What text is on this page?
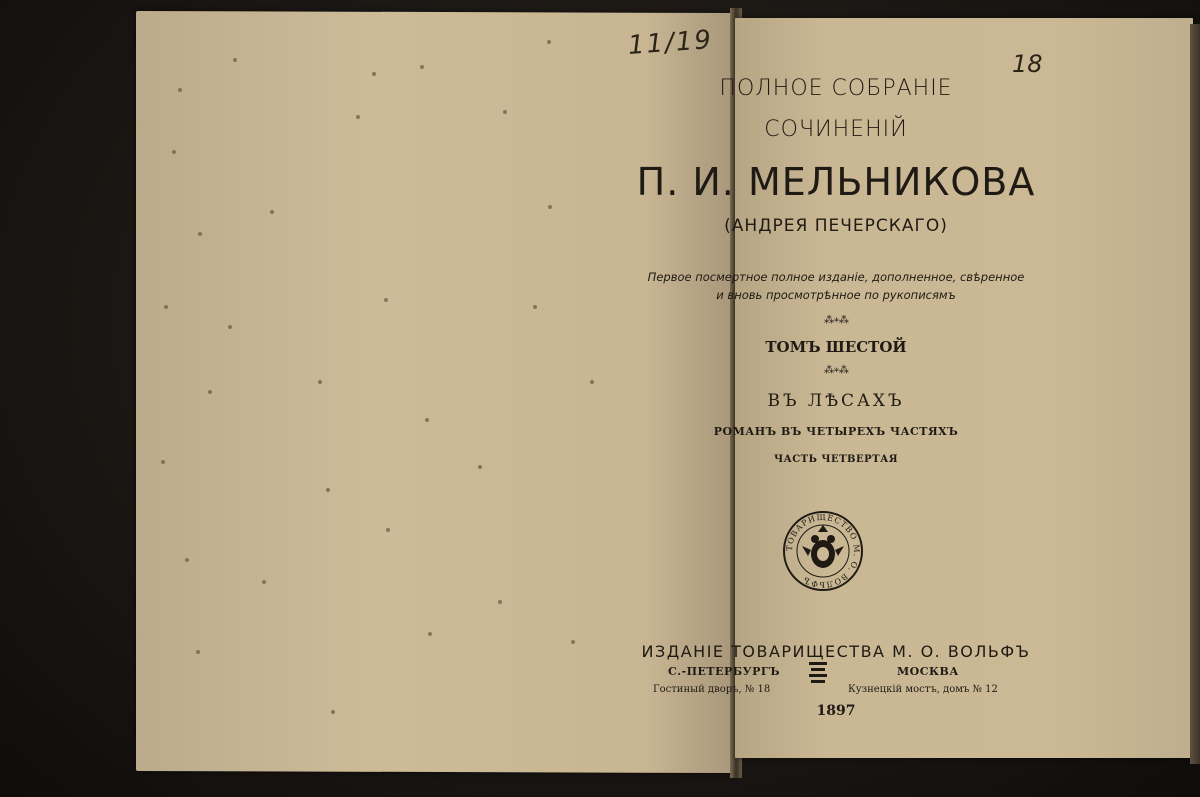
11/19
18
ПОЛНОЕ СОБРАНІЕ
СОЧИНЕНІЙ
П. И. МЕЛЬНИКОВА
(АНДРЕЯ ПЕЧЕРСКАГО)
Первое посмертное полное изданіе, дополненное, свѣренное
и вновь просмотрѣнное по рукописямъ
⁂∗⁂
ТОМЪ ШЕСТОЙ
⁂∗⁂
ВЪ ЛѢСАХЪ
РОМАНЪ ВЪ ЧЕТЫРЕХЪ ЧАСТЯХЪ
ЧАСТЬ ЧЕТВЕРТАЯ
ТОВАРИЩЕСТВО М. О. ВОЛЬФЪ
ИЗДАНІЕ ТОВАРИЩЕСТВА М. О. ВОЛЬФЪ
С.-ПЕТЕРБУРГЪ
Гостиный дворъ, № 18
МОСКВА
Кузнецкій мостъ, домъ № 12
1897
